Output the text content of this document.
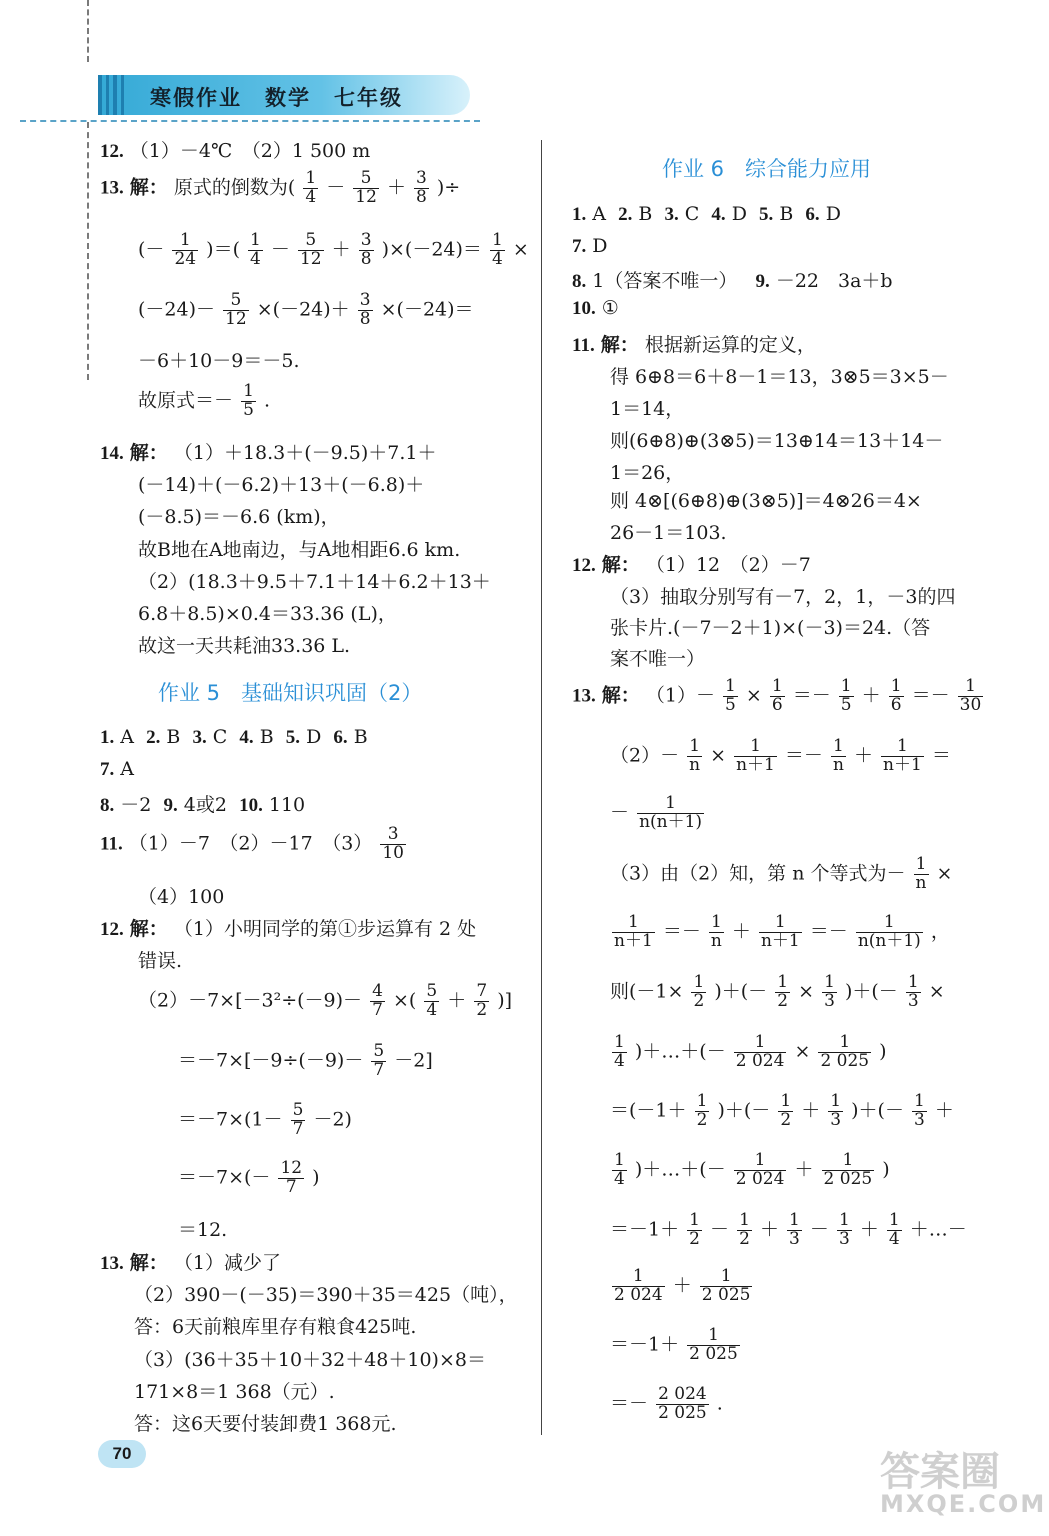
寒假作业　数学　七年级
12. （1）－4℃　（2）1 500 m
13. 解： 原式的倒数为( $\frac{1}{4} - \frac{5}{12} + \frac{3}{8}$ )÷
(－ $\frac{1}{24}$ )＝( $\frac{1}{4} - \frac{5}{12} + \frac{3}{8} )\times(-24)= \frac{1}{4}$ ×
$(-24)- \frac{5}{12} \times(-24)+ \frac{3}{8} \times(-24)=$
－6＋10－9＝－5.
故原式＝－ $\frac{1}{5}$ .
14. 解： （1）＋18.3＋(－9.5)＋7.1＋
(－14)＋(－6.2)＋13＋(－6.8)＋
(－8.5)＝－6.6 (km)，
故B地在A地南边，与A地相距6.6 km.
（2）(18.3＋9.5＋7.1＋14＋6.2＋13＋
6.8＋8.5)×0.4＝33.36 (L)，
故这一天共耗油33.36 L.
作业 5　基础知识巩固（2）
1. A 2. B 3. C 4. B 5. D 6. B
7. A
8. －2 9. 4或2 10. 110
11. （1）－7　（2）－17　$(3) \frac{3}{10}$
（4）100
12. 解： （1）小明同学的第①步运算有 2 处
错误.
$(2)-7\times[-3^2\div(-9)- \frac{4}{7}$ ×( $\frac{5}{4} + \frac{7}{2}$ )]
$=-7\times[-9\div(-9)- \frac{5}{7} -2]$
$=-7\times(1- \frac{5}{7} -2)$
$=-7\times(- \frac{12}{7}$ )
＝12.
13. 解： （1）减少了
（2）390－(－35)＝390＋35＝425（吨），
答：6天前粮库里存有粮食425吨.
（3）(36＋35＋10＋32＋48＋10)×8＝
171×8＝1 368（元）.
答：这6天要付装卸费1 368元.
70
作业 6　综合能力应用
1. A 2. B 3. C 4. D 5. B 6. D
7. D
8. 1（答案不唯一） 9. －22　3a＋b
10. ①
11. 解： 根据新运算的定义，
得 6⊕8＝6＋8－1＝13，3⊗5＝3×5－
1＝14，
则(6⊕8)⊕(3⊗5)＝13⊕14＝13＋14－
1＝26，
则 4⊗[(6⊕8)⊕(3⊗5)]＝4⊗26＝4×
26－1＝103.
12. 解： （1）12　（2）－7
（3）抽取分别写有－7，2，1，－3的四
张卡片.(－7－2＋1)×(－3)＝24.（答
案不唯一）
13. 解： $(1)- \frac{1}{5} \times \frac{1}{6} =- \frac{1}{5} + \frac{1}{6} =- \frac{1}{30}$
$(2)- \frac{1}{n} \times \frac{1}{n+1} =- \frac{1}{n} + \frac{1}{n+1}$ ＝
－ $\frac{1}{n(n+1)}$
（3）由（2）知，第 n 个等式为－ $\frac{1}{n}$ ×
$\frac{1}{n+1} =- \frac{1}{n} + \frac{1}{n+1} =- \frac{1}{n(n+1)}$ ，
则($-1\times \frac{1}{2}$ )＋(－ $\frac{1}{2} \times \frac{1}{3}$ )＋(－ $\frac{1}{3}$ ×
$\frac{1}{4}$ )＋…＋(－ $\frac{1}{2 024} \times \frac{1}{2 025}$ )
$=(-1+ \frac{1}{2}$ )＋(－ $\frac{1}{2} + \frac{1}{3}$ )＋(－ $\frac{1}{3}$ ＋
$\frac{1}{4}$ )＋…＋(－ $\frac{1}{2 024} + \frac{1}{2 025}$ )
$=-1+ \frac{1}{2} - \frac{1}{2} + \frac{1}{3} - \frac{1}{3} + \frac{1}{4}$ ＋…－
$\frac{1}{2 024} + \frac{1}{2 025}$
$=-1+ \frac{1}{2 025}$
＝－ $\frac{2 024}{2 025}$ .
答案圈
MXQE.COM
